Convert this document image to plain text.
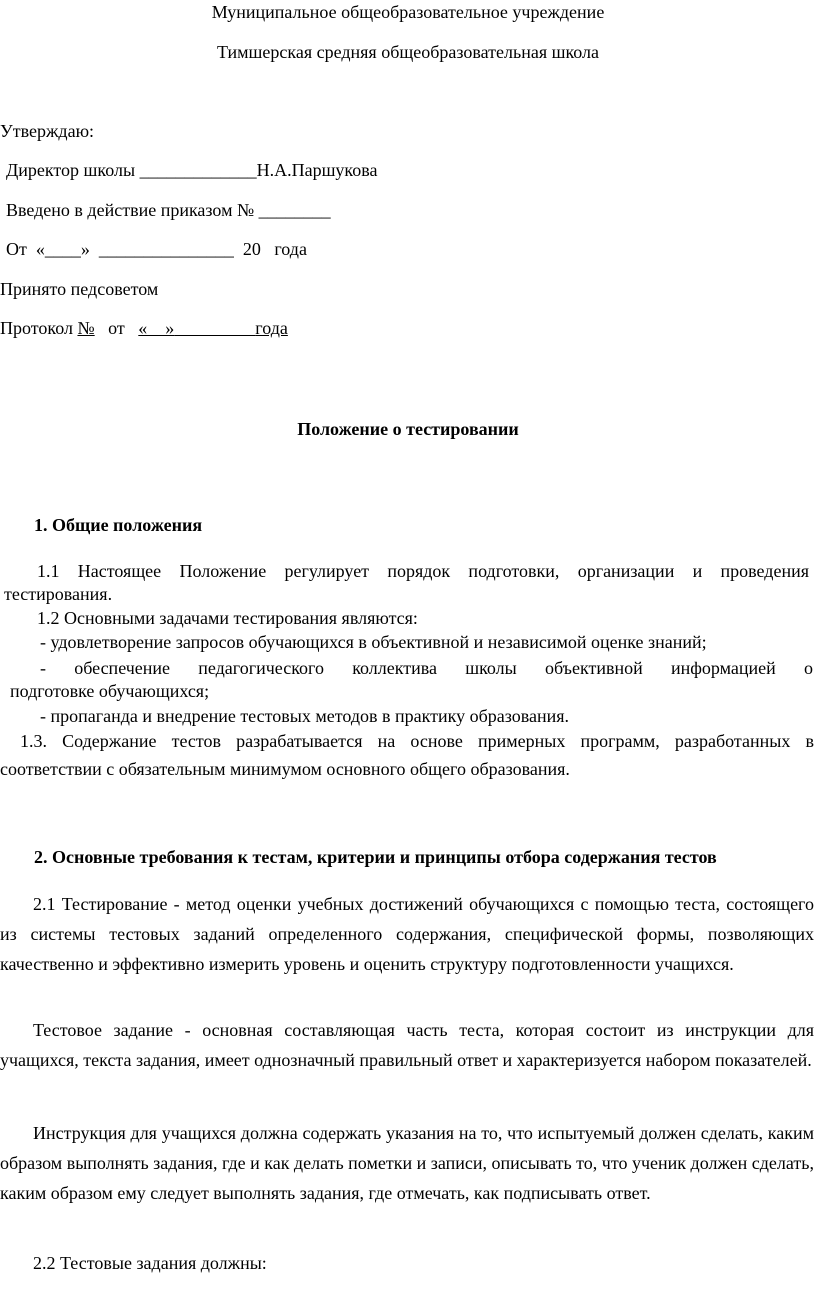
Муниципальное общеобразовательное учреждение
Тимшерская средняя общеобразовательная школа
Утверждаю:
Директор школы _____________Н.А.Паршукова
Введено в действие приказом № ________
От «____» _______________ 20 года
Принято педсоветом
Протокол № от «    »	года
Положение о тестировании
1. Общие положения
1.1 Настоящее Положение регулирует порядок подготовки, организации и проведения
тестирования.
1.2 Основными задачами тестирования являются:
- удовлетворение запросов обучающихся в объективной и независимой оценке знаний;
- обеспечение педагогического коллектива школы объективной информацией о
подготовке обучающихся;
- пропаганда и внедрение тестовых методов в практику образования.
1.3. Содержание тестов разрабатывается на основе примерных программ, разработанных в соответствии с обязательным минимумом основного общего образования.
2. Основные требования к тестам, критерии и принципы отбора содержания тестов
2.1 Тестирование - метод оценки учебных достижений обучающихся с помощью теста, состоящего из системы тестовых заданий определенного содержания, специфической формы, позволяющих качественно и эффективно измерить уровень и оценить структуру подготовленности учащихся.
Тестовое задание - основная составляющая часть теста, которая состоит из инструкции для учащихся, текста задания, имеет однозначный правильный ответ и характеризуется набором показателей.
Инструкция для учащихся должна содержать указания на то, что испытуемый должен сделать, каким образом выполнять задания, где и как делать пометки и записи, описывать то, что ученик должен сделать, каким образом ему следует выполнять задания, где отмечать, как подписывать ответ.
2.2 Тестовые задания должны:
